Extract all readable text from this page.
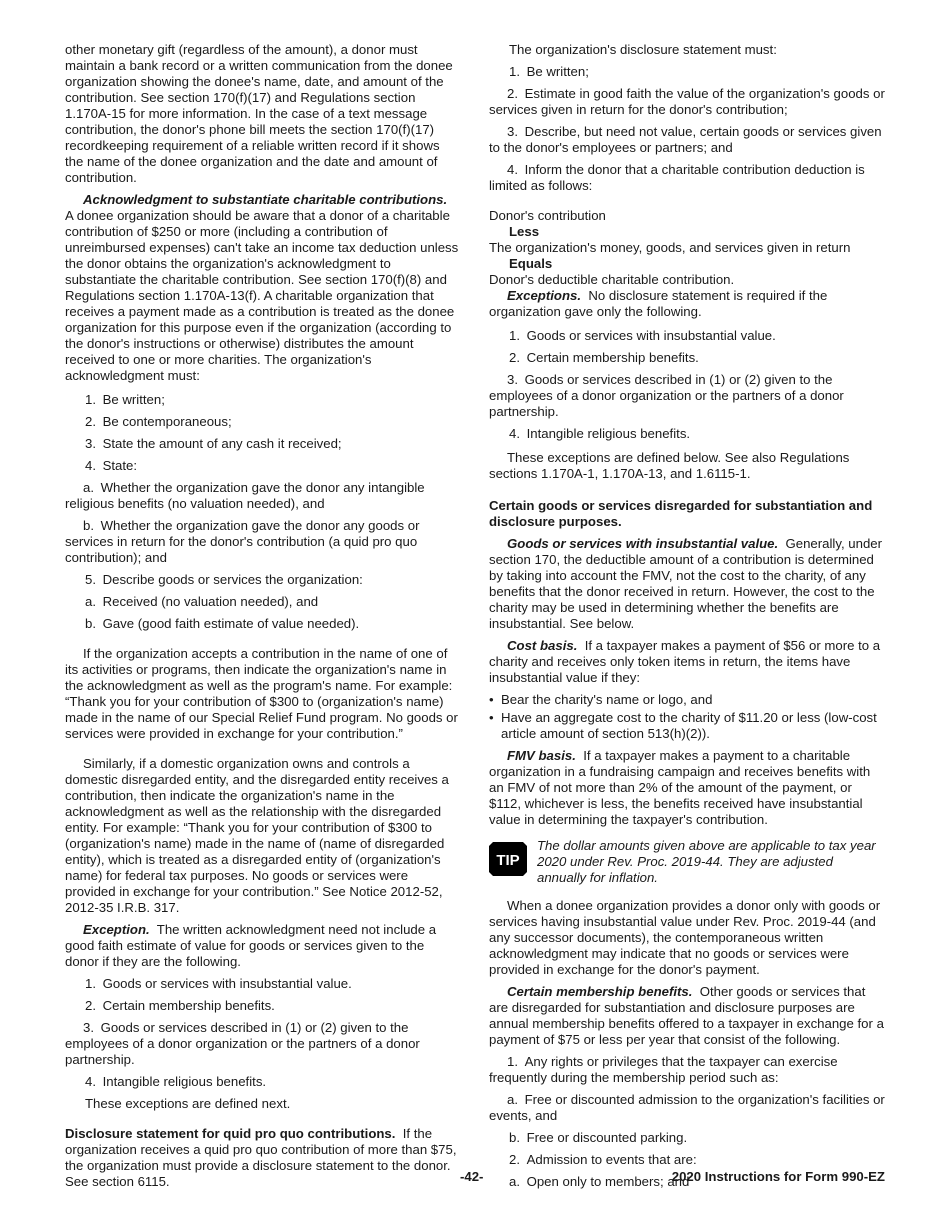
other monetary gift (regardless of the amount), a donor must maintain a bank record or a written communication from the donee organization showing the donee's name, date, and amount of the contribution. See section 170(f)(17) and Regulations section 1.170A-15 for more information. In the case of a text message contribution, the donor's phone bill meets the section 170(f)(17) recordkeeping requirement of a reliable written record if it shows the name of the donee organization and the date and amount of contribution.

Acknowledgment to substantiate charitable contributions.  A donee organization should be aware that a donor of a charitable contribution of $250 or more (including a contribution of unreimbursed expenses) can't take an income tax deduction unless the donor obtains the organization's acknowledgment to substantiate the charitable contribution. See section 170(f)(8) and Regulations section 1.170A-13(f). A charitable organization that receives a payment made as a contribution is treated as the donee organization for this purpose even if the organization (according to the donor's instructions or otherwise) distributes the amount received to one or more charities. The organization's acknowledgment must:

1. Be written;

2. Be contemporaneous;

3. State the amount of any cash it received;

4. State:

a. Whether the organization gave the donor any intangible religious benefits (no valuation needed), and

b. Whether the organization gave the donor any goods or services in return for the donor's contribution (a quid pro quo contribution); and

5. Describe goods or services the organization:

a. Received (no valuation needed), and

b. Gave (good faith estimate of value needed).

If the organization accepts a contribution in the name of one of its activities or programs, then indicate the organization's name in the acknowledgment as well as the program's name. For example: “Thank you for your contribution of $300 to (organization's name) made in the name of our Special Relief Fund program. No goods or services were provided in exchange for your contribution.”

Similarly, if a domestic organization owns and controls a domestic disregarded entity, and the disregarded entity receives a contribution, then indicate the organization's name in the acknowledgment as well as the relationship with the disregarded entity. For example: “Thank you for your contribution of $300 to (organization's name) made in the name of (name of disregarded entity), which is treated as a disregarded entity of (organization's name) for federal tax purposes. No goods or services were provided in exchange for your contribution.” See Notice 2012-52, 2012-35 I.R.B. 317.

Exception. The written acknowledgment need not include a good faith estimate of value for goods or services given to the donor if they are the following.

1. Goods or services with insubstantial value.

2. Certain membership benefits.

3. Goods or services described in (1) or (2) given to the employees of a donor organization or the partners of a donor partnership.

4. Intangible religious benefits.

These exceptions are defined next.

Disclosure statement for quid pro quo contributions. If the organization receives a quid pro quo contribution of more than $75, the organization must provide a disclosure statement to the donor. See section 6115.

The organization's disclosure statement must:

1. Be written;

2. Estimate in good faith the value of the organization's goods or services given in return for the donor's contribution;

3. Describe, but need not value, certain goods or services given to the donor's employees or partners; and

4. Inform the donor that a charitable contribution deduction is limited as follows:

Donor's contribution

Less

The organization's money, goods, and services given in return

Equals

Donor's deductible charitable contribution.

Exceptions. No disclosure statement is required if the organization gave only the following.

1. Goods or services with insubstantial value.

2. Certain membership benefits.

3. Goods or services described in (1) or (2) given to the employees of a donor organization or the partners of a donor partnership.

4. Intangible religious benefits.

These exceptions are defined below. See also Regulations sections 1.170A-1, 1.170A-13, and 1.6115-1.

Certain goods or services disregarded for substantiation and disclosure purposes.

Goods or services with insubstantial value. Generally, under section 170, the deductible amount of a contribution is determined by taking into account the FMV, not the cost to the charity, of any benefits that the donor received in return. However, the cost to the charity may be used in determining whether the benefits are insubstantial. See below.

Cost basis. If a taxpayer makes a payment of $56 or more to a charity and receives only token items in return, the items have insubstantial value if they:

• Bear the charity's name or logo, and

• Have an aggregate cost to the charity of $11.20 or less (low-cost article amount of section 513(h)(2)).

FMV basis. If a taxpayer makes a payment to a charitable organization in a fundraising campaign and receives benefits with an FMV of not more than 2% of the amount of the payment, or $112, whichever is less, the benefits received have insubstantial value in determining the taxpayer's contribution.

TIP
The dollar amounts given above are applicable to tax year 2020 under Rev. Proc. 2019-44. They are adjusted annually for inflation.

When a donee organization provides a donor only with goods or services having insubstantial value under Rev. Proc. 2019-44 (and any successor documents), the contemporaneous written acknowledgment may indicate that no goods or services were provided in exchange for the donor's payment.

Certain membership benefits. Other goods or services that are disregarded for substantiation and disclosure purposes are annual membership benefits offered to a taxpayer in exchange for a payment of $75 or less per year that consist of the following.

1. Any rights or privileges that the taxpayer can exercise frequently during the membership period such as:

a. Free or discounted admission to the organization's facilities or events, and

b. Free or discounted parking.

2. Admission to events that are:

a. Open only to members; and

-42-	2020 Instructions for Form 990-EZ
